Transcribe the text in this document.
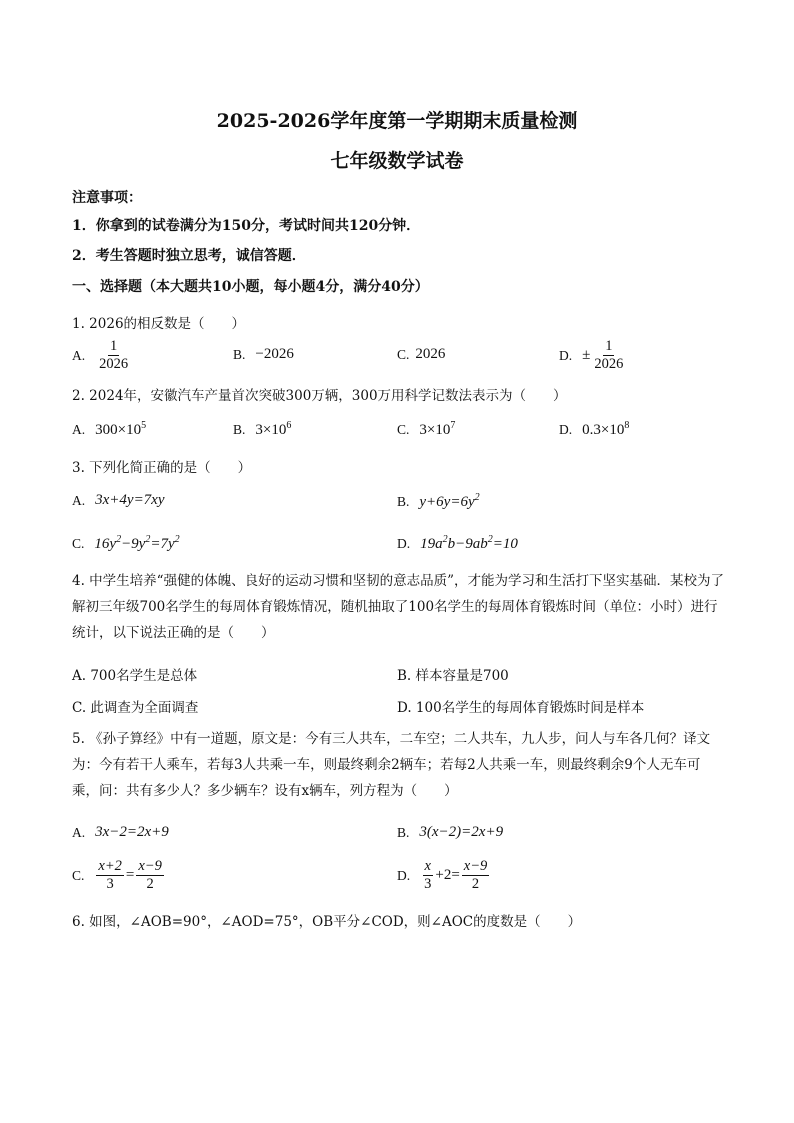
2025-2026学年度第一学期期末质量检测
七年级数学试卷
注意事项：
1．你拿到的试卷满分为150分，考试时间共120分钟．
2．考生答题时独立思考，诚信答题．
一、选择题（本大题共10小题，每小题4分，满分40分）
1. 2026的相反数是（　　）
A. $\frac{1}{2026}$	B. −2026	C. 2026	D. ± $\frac{1}{2026}$
2. 2024年，安徽汽车产量首次突破300万辆，300万用科学记数法表示为（　　）
A. $300\times 10^5$	B. $3\times 10^6$	C. $3\times 10^7$	D. $0.3\times 10^8$
3. 下列化简正确的是（　　）
A. 3x+4y=7xy	B. $y+6y=6y^2$
C. $16y^2-9y^2=7y^2$	D. $19a^2b-9ab^2=10$
4. 中学生培养“强健的体魄、良好的运动习惯和坚韧的意志品质”，才能为学习和生活打下坚实基础．某校为了解初三年级700名学生的每周体育锻炼情况，随机抽取了100名学生的每周体育锻炼时间（单位：小时）进行统计，以下说法正确的是（　　）
A. 700名学生是总体	B. 样本容量是700
C. 此调查为全面调查	D. 100名学生的每周体育锻炼时间是样本
5. 《孙子算经》中有一道题，原文是：今有三人共车，二车空；二人共车，九人步，问人与车各几何？译文为：今有若干人乘车，若每3人共乘一车，则最终剩余2辆车；若每2人共乘一车，则最终剩余9个人无车可乘，问：共有多少人？多少辆车？设有x辆车，列方程为（　　）
A. 3x−2=2x+9	B. 3(x−2)=2x+9
C. $\frac{x+2}{3} = \frac{x-9}{2}$	D. $\frac{x}{3} +2= \frac{x-9}{2}$
6. 如图，∠AOB=90°，∠AOD=75°，OB平分∠COD，则∠AOC的度数是（　　）
